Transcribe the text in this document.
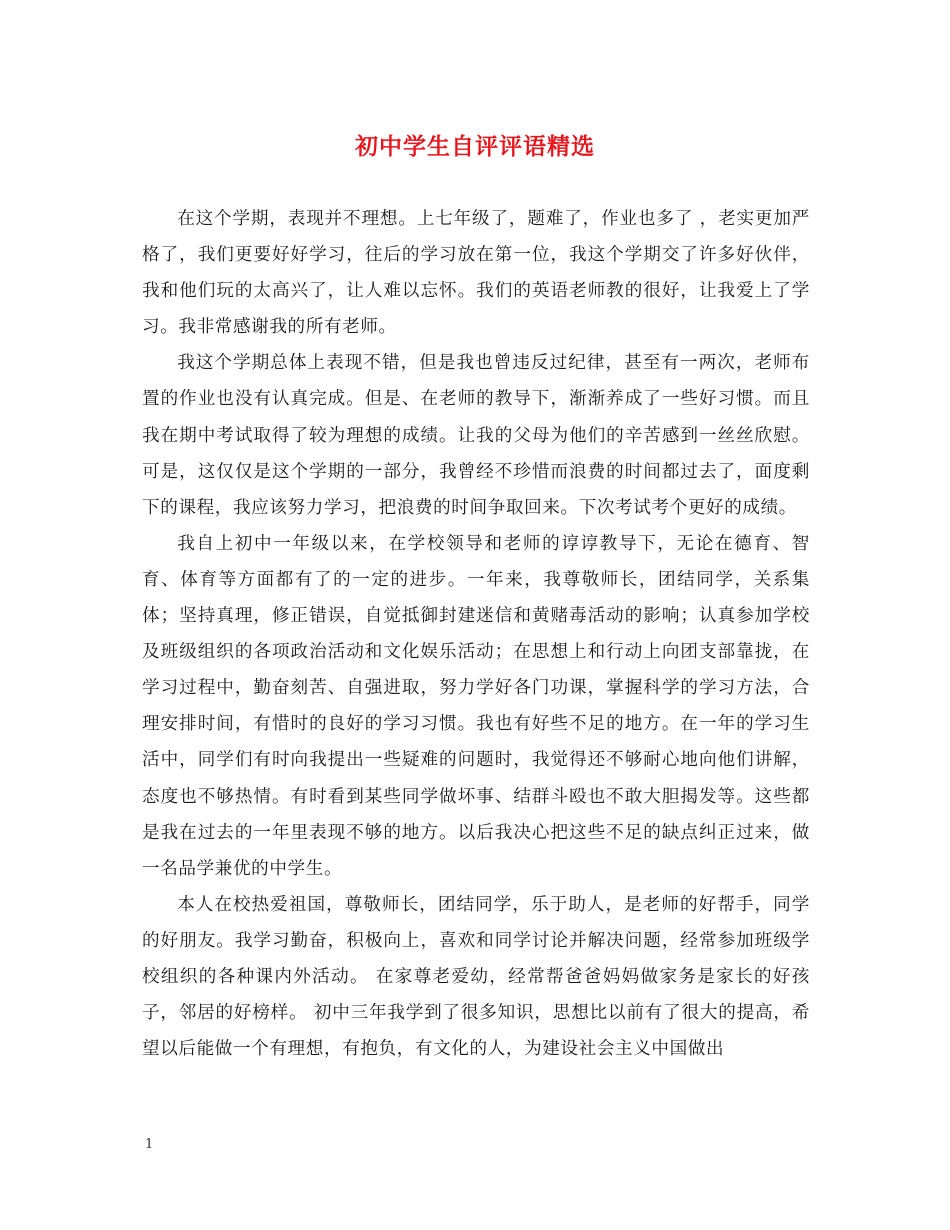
初中学生自评评语精选

在这个学期，表现并不理想。上七年级了，题难了，作业也多了 ，老实更加严格了，我们更要好好学习，往后的学习放在第一位，我这个学期交了许多好伙伴，我和他们玩的太高兴了，让人难以忘怀。我们的英语老师教的很好，让我爱上了学习。我非常感谢我的所有老师。

我这个学期总体上表现不错，但是我也曾违反过纪律，甚至有一两次，老师布置的作业也没有认真完成。但是、在老师的教导下，渐渐养成了一些好习惯。而且我在期中考试取得了较为理想的成绩。让我的父母为他们的辛苦感到一丝丝欣慰。可是，这仅仅是这个学期的一部分，我曾经不珍惜而浪费的时间都过去了，面度剩下的课程，我应该努力学习，把浪费的时间争取回来。下次考试考个更好的成绩。

我自上初中一年级以来，在学校领导和老师的谆谆教导下，无论在德育、智育、体育等方面都有了的一定的进步。一年来，我尊敬师长，团结同学，关系集体；坚持真理，修正错误，自觉抵御封建迷信和黄赌毒活动的影响；认真参加学校及班级组织的各项政治活动和文化娱乐活动；在思想上和行动上向团支部靠拢，在学习过程中，勤奋刻苦、自强进取，努力学好各门功课，掌握科学的学习方法，合理安排时间，有惜时的良好的学习习惯。我也有好些不足的地方。在一年的学习生活中，同学们有时向我提出一些疑难的问题时，我觉得还不够耐心地向他们讲解，态度也不够热情。有时看到某些同学做坏事、结群斗殴也不敢大胆揭发等。这些都是我在过去的一年里表现不够的地方。以后我决心把这些不足的缺点纠正过来，做一名品学兼优的中学生。

本人在校热爱祖国，尊敬师长，团结同学，乐于助人，是老师的好帮手，同学的好朋友。我学习勤奋，积极向上，喜欢和同学讨论并解决问题，经常参加班级学校组织的各种课内外活动。 在家尊老爱幼，经常帮爸爸妈妈做家务是家长的好孩子，邻居的好榜样。 初中三年我学到了很多知识，思想比以前有了很大的提高，希望以后能做一个有理想，有抱负，有文化的人，为建设社会主义中国做出

1
